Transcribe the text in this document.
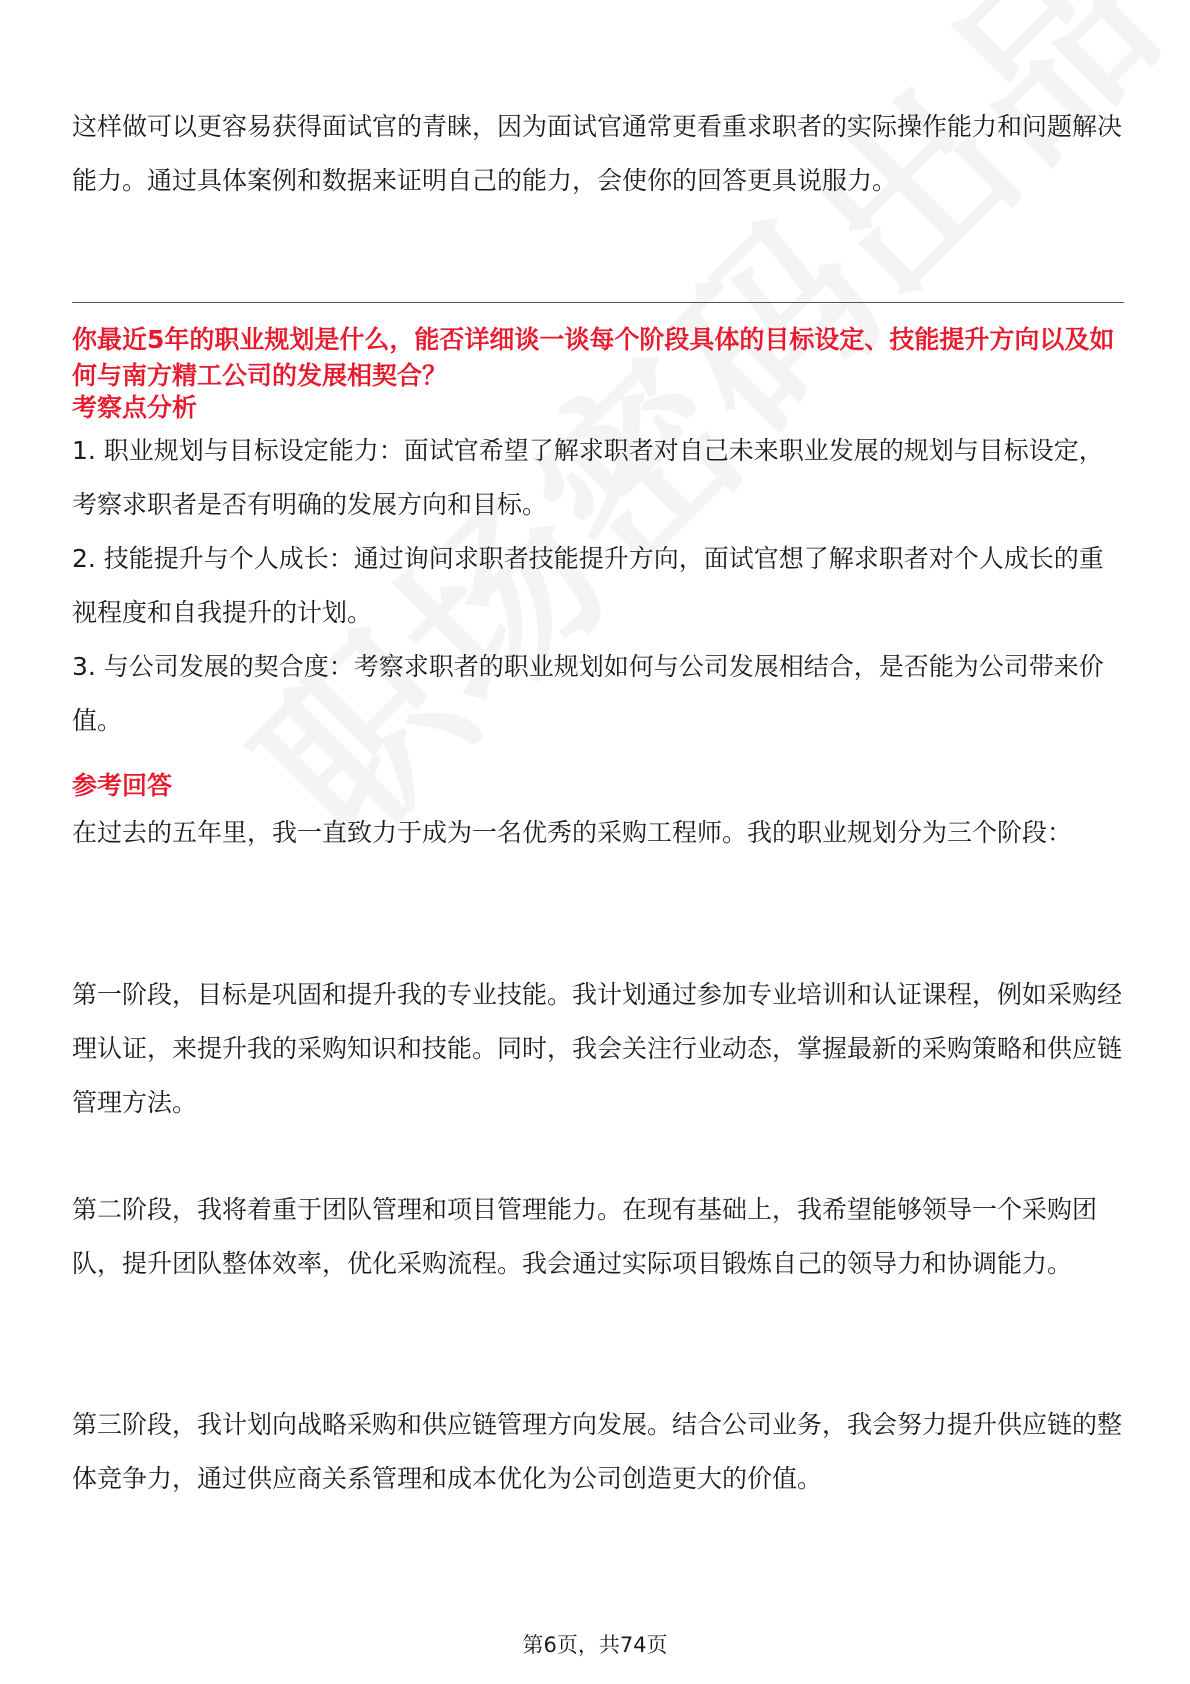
这样做可以更容易获得面试官的青睐，因为面试官通常更看重求职者的实际操作能力和问题解决能力。通过具体案例和数据来证明自己的能力，会使你的回答更具说服力。

你最近5年的职业规划是什么，能否详细谈一谈每个阶段具体的目标设定、技能提升方向以及如何与南方精工公司的发展相契合？

考察点分析

1. 职业规划与目标设定能力：面试官希望了解求职者对自己未来职业发展的规划与目标设定，考察求职者是否有明确的发展方向和目标。

2. 技能提升与个人成长：通过询问求职者技能提升方向，面试官想了解求职者对个人成长的重视程度和自我提升的计划。

3. 与公司发展的契合度：考察求职者的职业规划如何与公司发展相结合，是否能为公司带来价值。

参考回答

在过去的五年里，我一直致力于成为一名优秀的采购工程师。我的职业规划分为三个阶段：

第一阶段，目标是巩固和提升我的专业技能。我计划通过参加专业培训和认证课程，例如采购经理认证，来提升我的采购知识和技能。同时，我会关注行业动态，掌握最新的采购策略和供应链管理方法。

第二阶段，我将着重于团队管理和项目管理能力。在现有基础上，我希望能够领导一个采购团队，提升团队整体效率，优化采购流程。我会通过实际项目锻炼自己的领导力和协调能力。

第三阶段，我计划向战略采购和供应链管理方向发展。结合公司业务，我会努力提升供应链的整体竞争力，通过供应商关系管理和成本优化为公司创造更大的价值。

第6页，共74页
